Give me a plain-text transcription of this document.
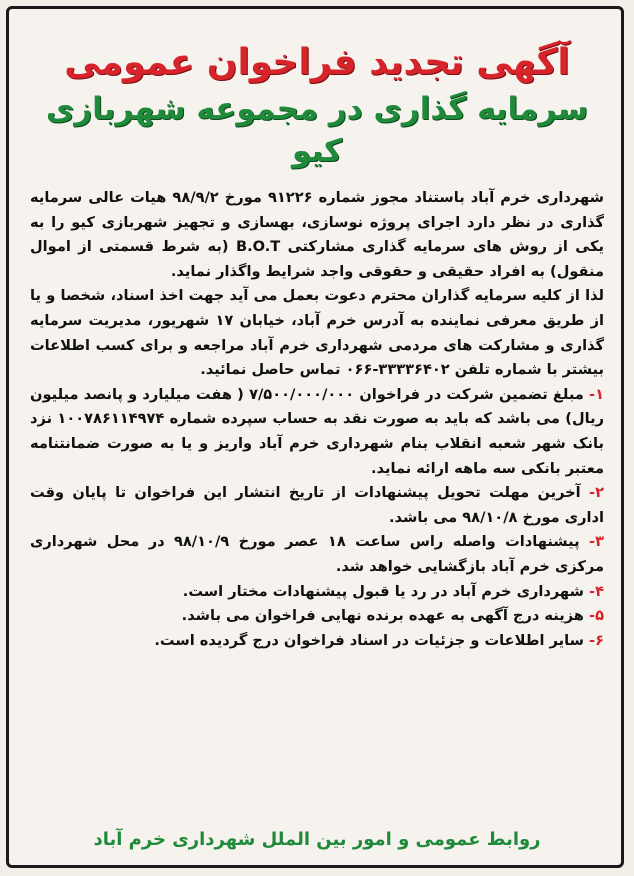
آگهی تجدید فراخوان عمومی
سرمایه گذاری در مجموعه شهربازی کیو

شهرداری خرم آباد باستناد مجوز شماره ۹۱۲۲۶ مورخ ۹۸/۹/۲ هیات عالی سرمایه گذاری در نظر دارد اجرای پروژه نوسازی، بهسازی و تجهیز شهربازی کیو را به یکی از روش های سرمایه گذاری مشارکتی B.O.T (به شرط قسمتی از اموال منقول) به افراد حقیقی و حقوقی واجد شرایط واگذار نماید.

لذا از کلیه سرمایه گذاران محترم دعوت بعمل می آید جهت اخذ اسناد، شخصا و یا از طریق معرفی نماینده به آدرس خرم آباد، خیابان ۱۷ شهریور، مدیریت سرمایه گذاری و مشارکت های مردمی شهرداری خرم آباد مراجعه و برای کسب اطلاعات بیشتر با شماره تلفن ۳۳۳۳۶۴۰۲-۰۶۶ تماس حاصل نمائید.

۱- مبلغ تضمین شرکت در فراخوان ۷/۵۰۰/۰۰۰/۰۰۰ ( هفت میلیارد و پانصد میلیون ریال) می باشد که باید به صورت نقد به حساب سپرده شماره ۱۰۰۷۸۶۱۱۴۹۷۴ نزد بانک شهر شعبه انقلاب بنام شهرداری خرم آباد واریز و یا به صورت ضمانتنامه معتبر بانکی سه ماهه ارائه نماید.
۲- آخرین مهلت تحویل پیشنهادات از تاریخ انتشار این فراخوان تا پایان وقت اداری مورخ ۹۸/۱۰/۸ می باشد.
۳- پیشنهادات واصله راس ساعت ۱۸ عصر مورخ ۹۸/۱۰/۹ در محل شهرداری مرکزی خرم آباد بازگشایی خواهد شد.
۴- شهرداری خرم آباد در رد یا قبول پیشنهادات مختار است.
۵- هزینه درج آگهی به عهده برنده نهایی فراخوان می باشد.
۶- سایر اطلاعات و جزئیات در اسناد فراخوان درج گردیده است.
روابط عمومی و امور بین الملل شهرداری خرم آباد
